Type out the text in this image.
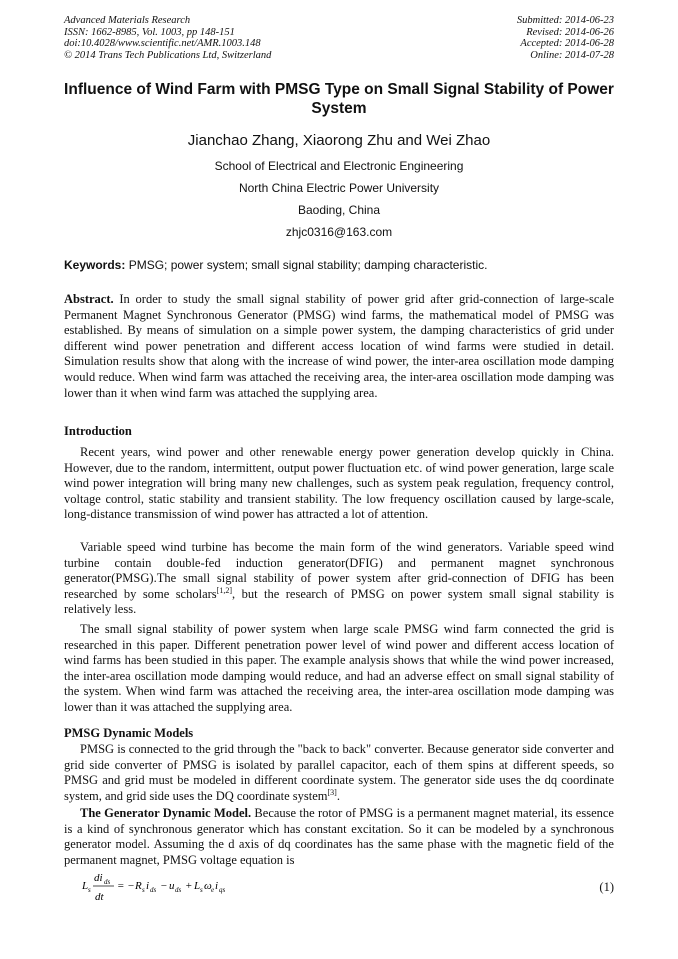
Advanced Materials Research
ISSN: 1662-8985, Vol. 1003, pp 148-151
doi:10.4028/www.scientific.net/AMR.1003.148
© 2014 Trans Tech Publications Ltd, Switzerland
Submitted: 2014-06-23
Revised: 2014-06-26
Accepted: 2014-06-28
Online: 2014-07-28
Influence of Wind Farm with PMSG Type on Small Signal Stability of Power System
Jianchao Zhang, Xiaorong Zhu and Wei Zhao
School of Electrical and Electronic Engineering
North China Electric Power University
Baoding, China
zhjc0316@163.com
Keywords: PMSG; power system; small signal stability; damping characteristic.
Abstract. In order to study the small signal stability of power grid after grid-connection of large-scale Permanent Magnet Synchronous Generator (PMSG) wind farms, the mathematical model of PMSG was established. By means of simulation on a simple power system, the damping characteristics of grid under different wind power penetration and different access location of wind farms were studied in detail. Simulation results show that along with the increase of wind power, the inter-area oscillation mode damping would reduce. When wind farm was attached the receiving area, the inter-area oscillation mode damping was lower than it when wind farm was attached the supplying area.
Introduction
Recent years, wind power and other renewable energy power generation develop quickly in China. However, due to the random, intermittent, output power fluctuation etc. of wind power generation, large scale wind power integration will bring many new challenges, such as system peak regulation, frequency control, voltage control, static stability and transient stability. The low frequency oscillation caused by large-scale, long-distance transmission of wind power has attracted a lot of attention.
Variable speed wind turbine has become the main form of the wind generators. Variable speed wind turbine contain double-fed induction generator(DFIG) and permanent magnet synchronous generator(PMSG).The small signal stability of power system after grid-connection of DFIG has been researched by some scholars[1,2], but the research of PMSG on power system small signal stability is relatively less.
The small signal stability of power system when large scale PMSG wind farm connected the grid is researched in this paper. Different penetration power level of wind power and different access location of wind farms has been studied in this paper. The example analysis shows that while the wind power increased, the inter-area oscillation mode damping would reduce, and had an adverse effect on small signal stability of the system. When wind farm was attached the receiving area, the inter-area oscillation mode damping was lower than it was attached the supplying area.
PMSG Dynamic Models
PMSG is connected to the grid through the "back to back" converter. Because generator side converter and grid side converter of PMSG is isolated by parallel capacitor, each of them spins at different speeds, so PMSG and grid must be modeled in different coordinate system. The generator side uses the dq coordinate system, and grid side uses the DQ coordinate system[3].
The Generator Dynamic Model. Because the rotor of PMSG is a permanent magnet material, its essence is a kind of synchronous generator which has constant excitation. So it can be modeled by a synchronous generator model. Assuming the d axis of dq coordinates has the same phase with the magnetic field of the permanent magnet, PMSG voltage equation is
L s
di ds
dt
= − R s i ds − u ds + L s ω e i qs	(1)
